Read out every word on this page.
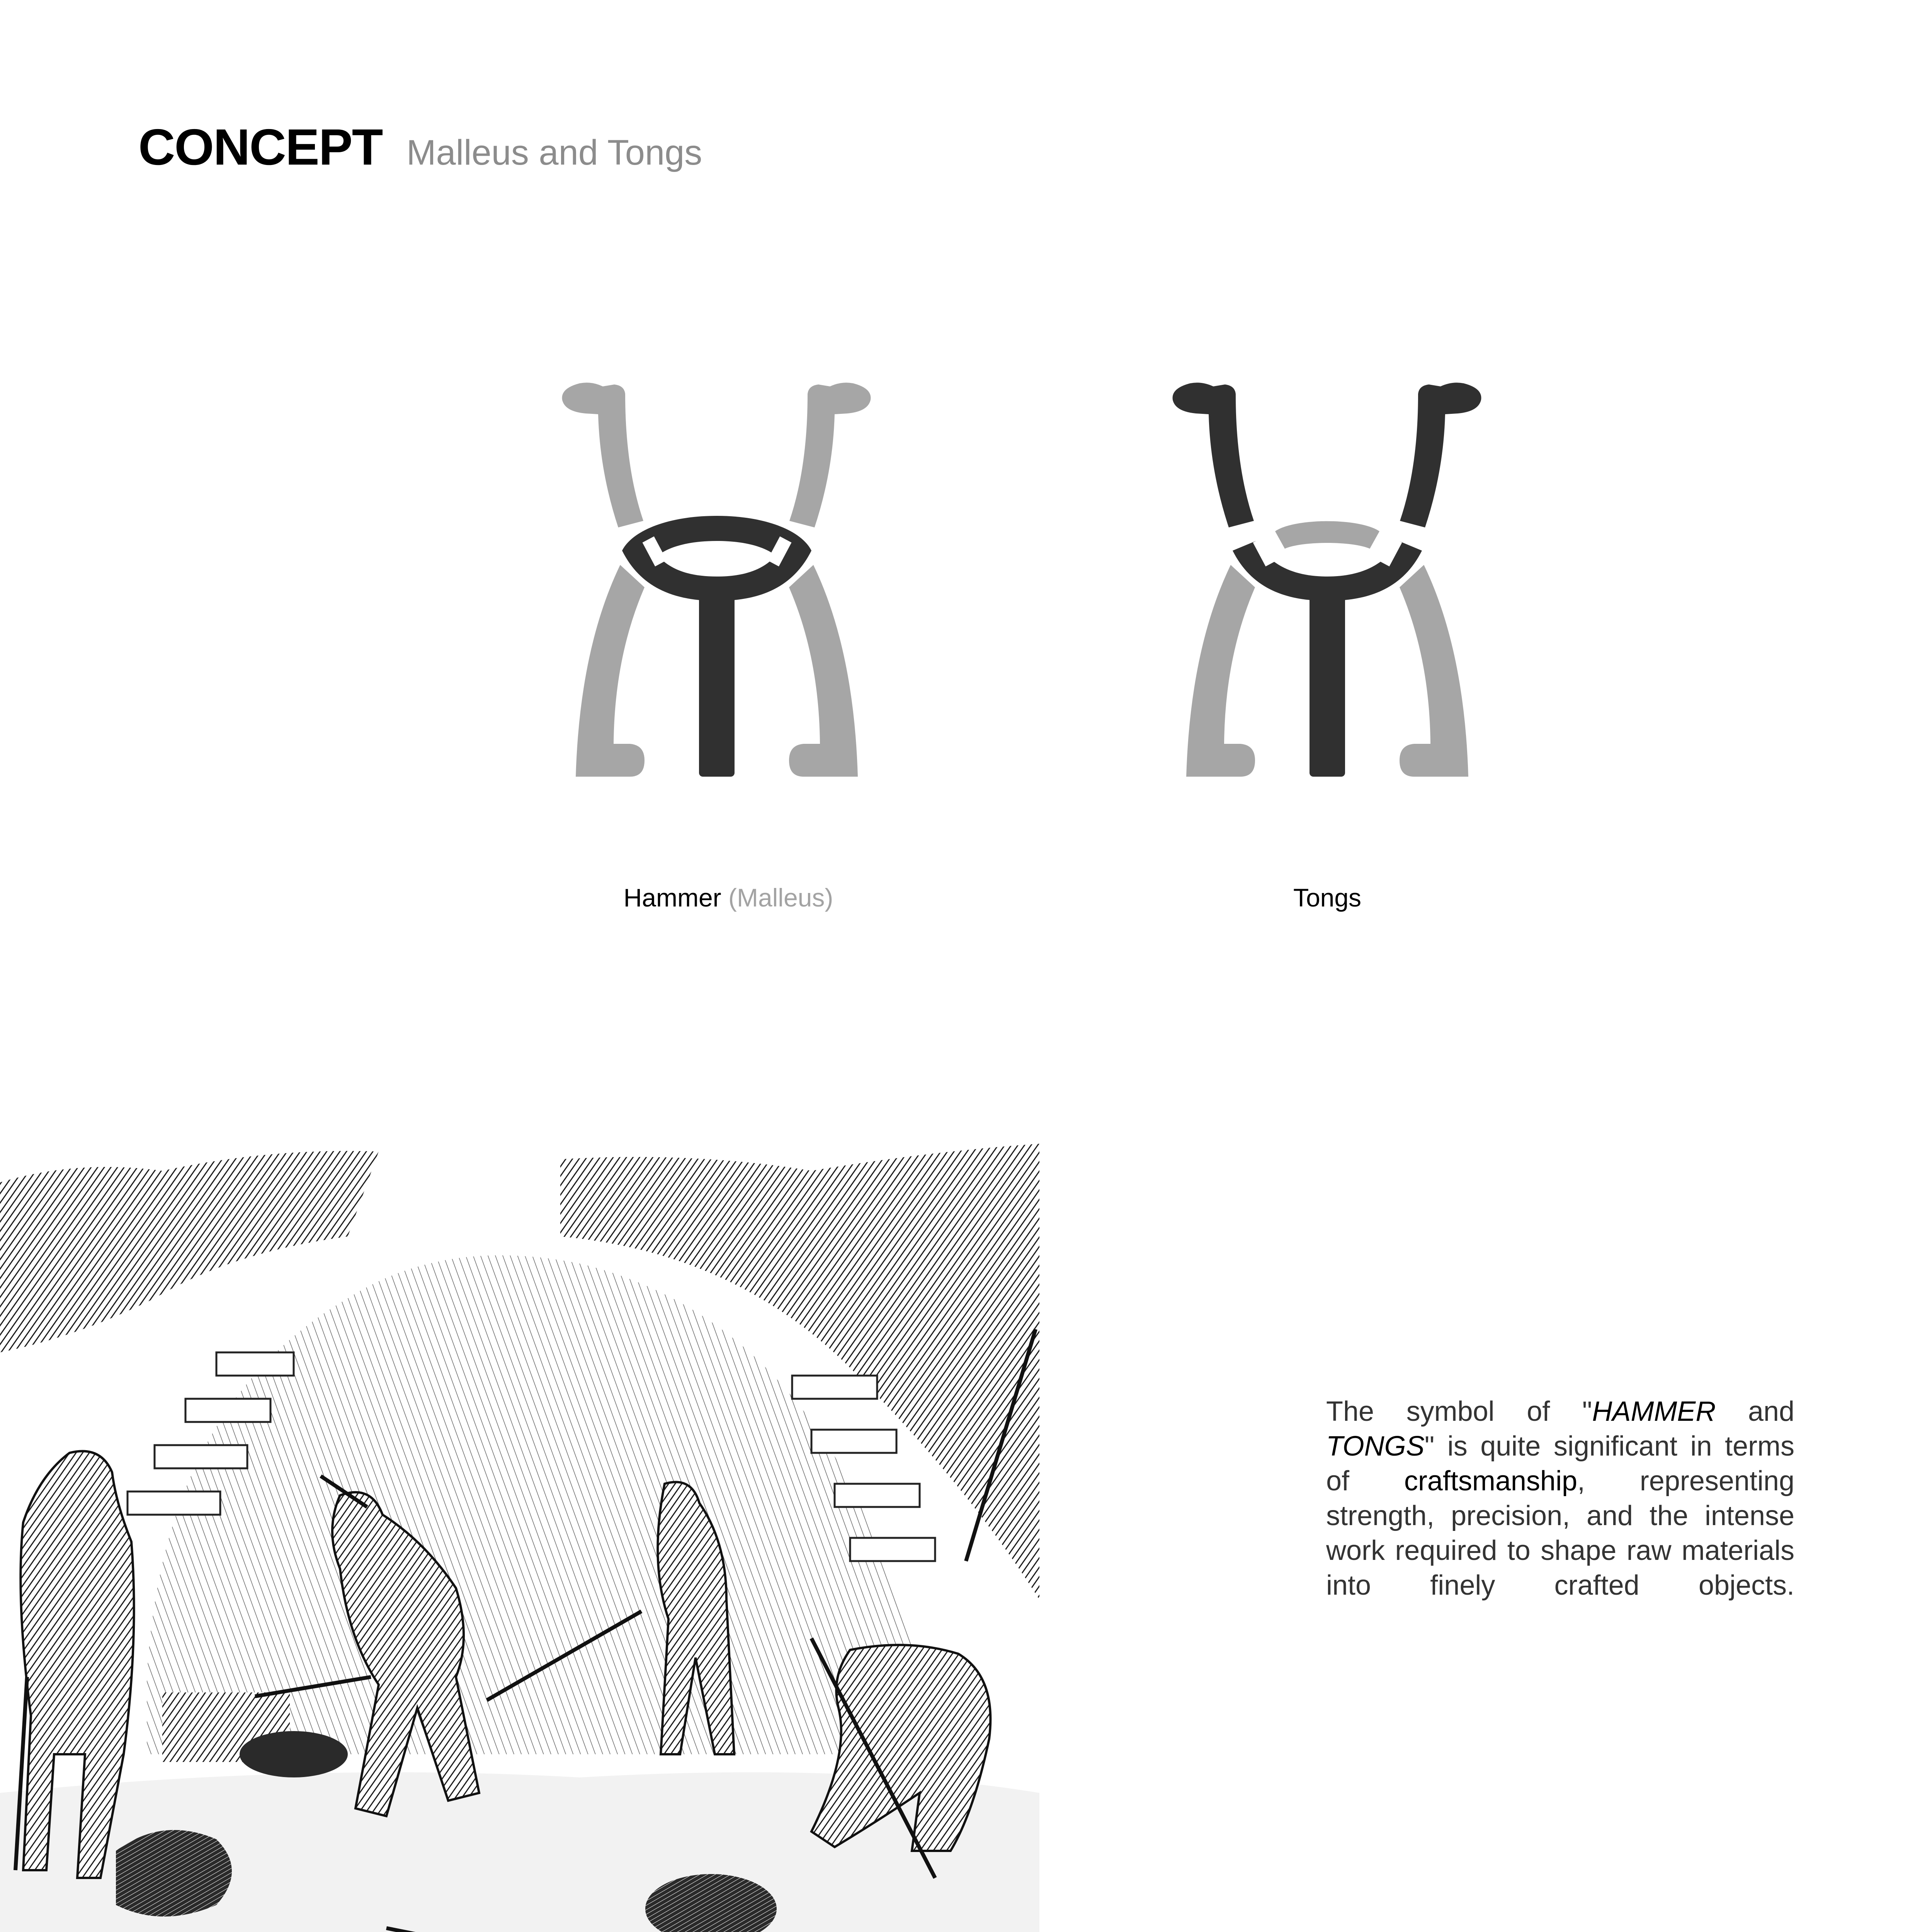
CONCEPT Malleus and Tongs
Hammer (Malleus)	Tongs
The symbol of "HAMMER and
TONGS" is quite significant in terms
of craftsmanship, representing
strength, precision, and the intense
work required to shape raw materials
into finely crafted objects.
